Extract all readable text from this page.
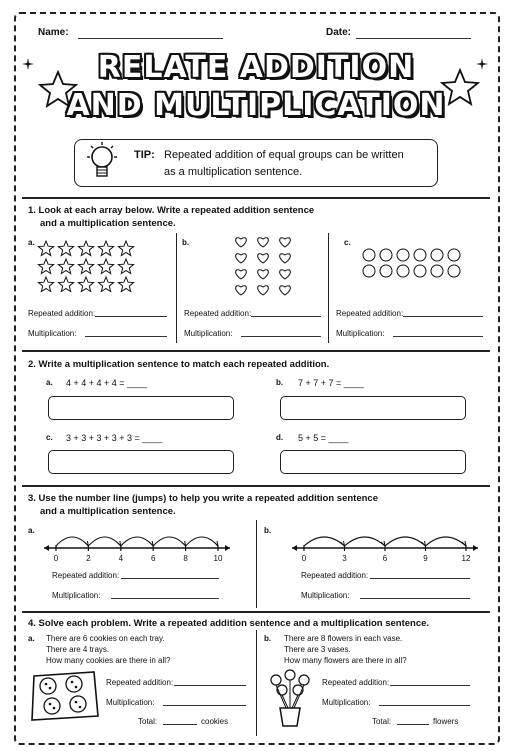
Name:	Date:
RELATE ADDITION
AND MULTIPLICATION
TIP: Repeated addition of equal groups can be written
as a multiplication sentence.
1. Look at each array below. Write a repeated addition sentence
and a multiplication sentence.
a.	b.	c.
Repeated addition:
Multiplication:
Repeated addition:
Multiplication:
Repeated addition:
Multiplication:
2. Write a multiplication sentence to match each repeated addition.
a. 4 + 4 + 4 + 4 = ____	b. 7 + 7 + 7 = ____
c. 3 + 3 + 3 + 3 + 3 = ____	d. 5 + 5 = ____
3. Use the number line (jumps) to help you write a repeated addition sentence
and a multiplication sentence.
a.
0	2	4	6	8	10
b.
0	3	6	9	12
Repeated addition:
Multiplication:
Repeated addition:
Multiplication:
4. Solve each problem. Write a repeated addition sentence and a multiplication sentence.
a. There are 6 cookies on each tray.
There are 4 trays.
How many cookies are there in all?
Repeated addition:
Multiplication:
Total:	cookies
b. There are 8 flowers in each vase.
There are 3 vases.
How many flowers are there in all?
Repeated addition:
Multiplication:
Total:	flowers
